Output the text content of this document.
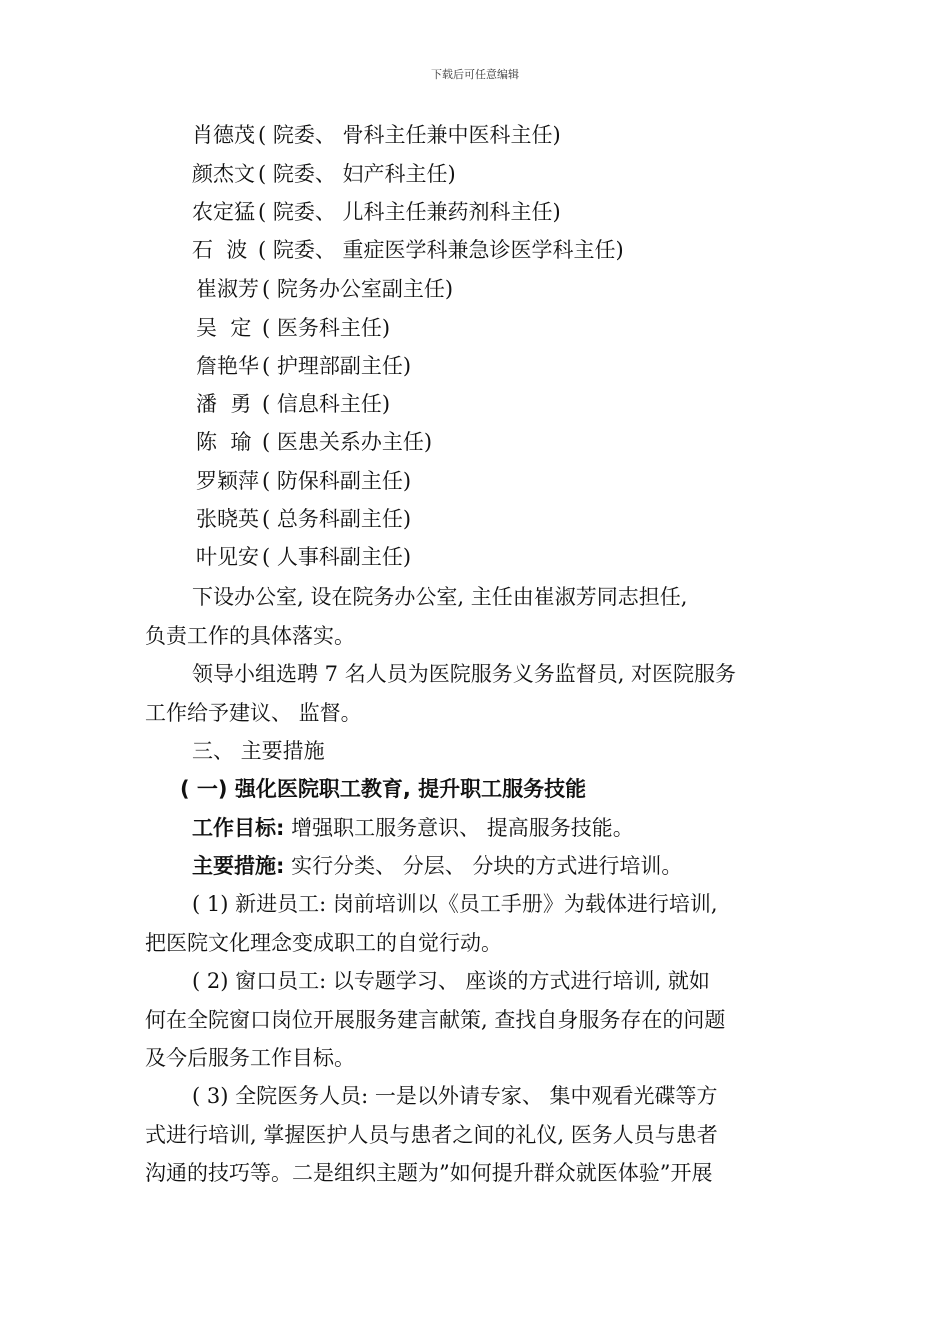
下载后可任意编辑
肖德茂 ( 院委、 骨科主任兼中医科主任)
颜杰文 ( 院委、 妇产科主任)
农定猛 ( 院委、 儿科主任兼药剂科主任)
石  波 ( 院委、 重症医学科兼急诊医学科主任)
崔淑芳 ( 院务办公室副主任)
吴  定 ( 医务科主任)
詹艳华 ( 护理部副主任)
潘  勇 ( 信息科主任)
陈  瑜 ( 医患关系办主任)
罗颖萍 ( 防保科副主任)
张晓英 ( 总务科副主任)
叶见安 ( 人事科副主任)
下设办公室, 设在院务办公室, 主任由崔淑芳同志担任,
负责工作的具体落实。
领导小组选聘 7 名人员为医院服务义务监督员, 对医院服务
工作给予建议、 监督。
三、 主要措施
( 一) 强化医院职工教育, 提升职工服务技能
工作目标: 增强职工服务意识、 提高服务技能。
主要措施: 实行分类、 分层、 分块的方式进行培训。
( 1) 新进员工: 岗前培训以《员工手册》为载体进行培训,
把医院文化理念变成职工的自觉行动。
( 2) 窗口员工: 以专题学习、 座谈的方式进行培训, 就如
何在全院窗口岗位开展服务建言献策, 查找自身服务存在的问题
及今后服务工作目标。
( 3) 全院医务人员: 一是以外请专家、 集中观看光碟等方
式进行培训, 掌握医护人员与患者之间的礼仪, 医务人员与患者
沟通的技巧等。二是组织主题为”如何提升群众就医体验”开展
